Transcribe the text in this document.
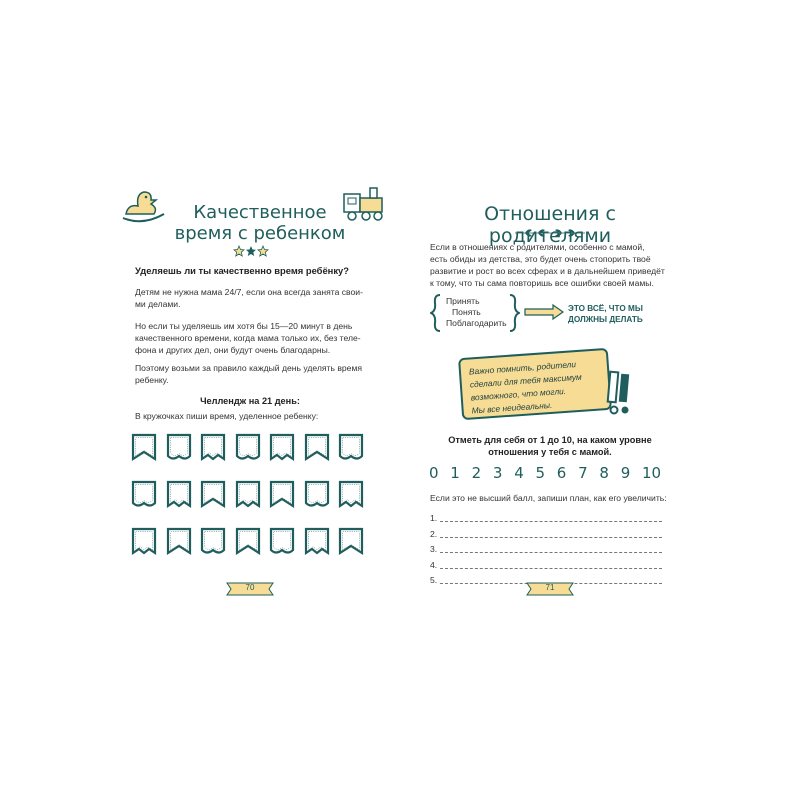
Качественное
время с ребенком
Уделяешь ли ты качественно время ребёнку?
Детям не нужна мама 24/7, если она всегда занята свои-
ми делами.
Но если ты уделяешь им хотя бы 15—20 минут в день
качественного времени, когда мама только их, без теле-
фона и других дел, они будут очень благодарны.
Поэтому возьми за правило каждый день уделять время
ребенку.
Челлендж на 21 день:
В кружочках пиши время, уделенное ребенку:
70
Отношения с родителями
Если в отношениях с родителями, особенно с мамой,
есть обиды из детства, это будет очень стопорить твоё
развитие и рост во всех сферах и в дальнейшем приведёт
к тому, что ты сама повторишь все ошибки своей мамы.
Принять
Понять
Поблагодарить
ЭТО ВСЁ, ЧТО МЫ
ДОЛЖНЫ ДЕЛАТЬ
Важно помнить, родители
сделали для тебя максимум
возможного, что могли.
Мы все неидеальны.
Отметь для себя от 1 до 10, на каком уровне
отношения у тебя с мамой.
0 1 2 3 4 5 6 7 8 9 10
Если это не высший балл, запиши план, как его увеличить:
1.
2.
3.
4.
5.
71
